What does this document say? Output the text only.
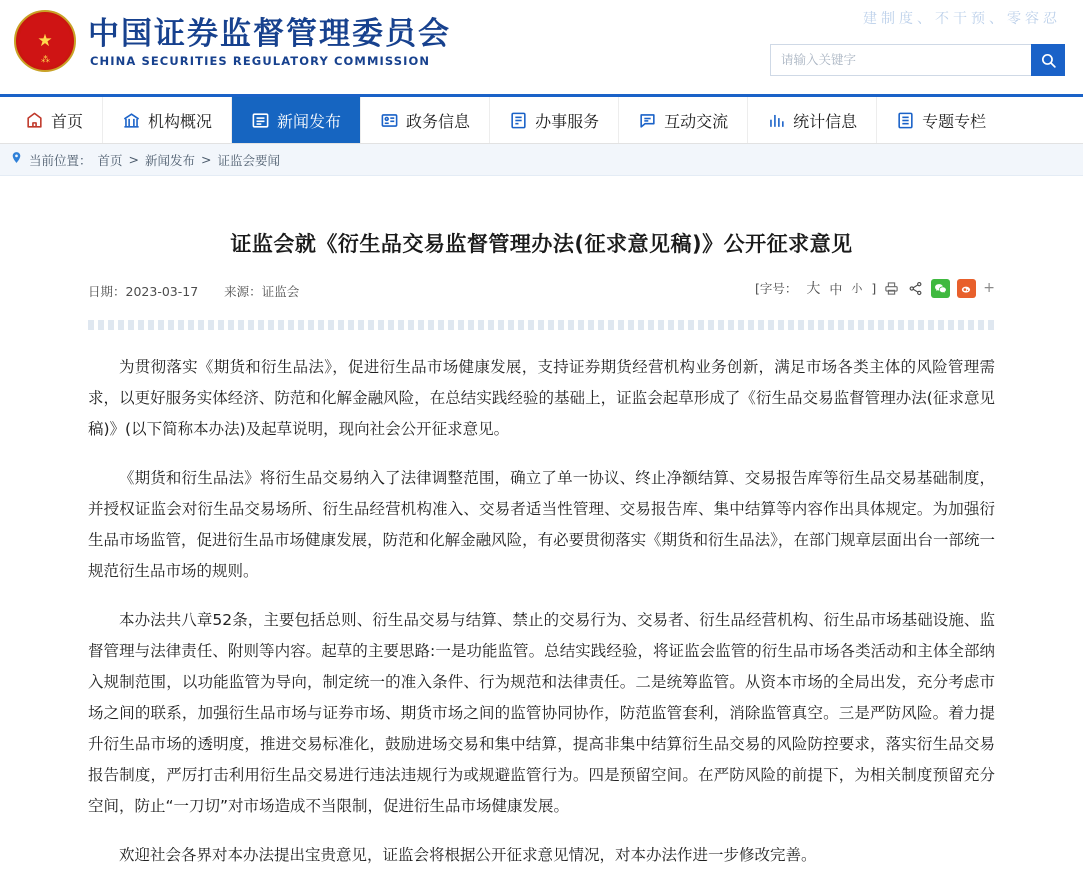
★
⁂
中国证券监督管理委员会
CHINA SECURITIES REGULATORY COMMISSION
建制度、不干预、零容忍
请输入关键字
首页	机构概况	新闻发布	政务信息	办事服务	互动交流	统计信息	专题专栏
当前位置： 首页 > 新闻发布 > 证监会要闻
证监会就《衍生品交易监督管理办法(征求意见稿)》公开征求意见
日期：2023-03-17 来源：证监会	[字号： 大 中 小 ]	+

为贯彻落实《期货和衍生品法》，促进衍生品市场健康发展，支持证券期货经营机构业务创新，满足市场各类主体的风险管理需求，以更好服务实体经济、防范和化解金融风险，在总结实践经验的基础上，证监会起草形成了《衍生品交易监督管理办法(征求意见稿)》(以下简称本办法)及起草说明，现向社会公开征求意见。

《期货和衍生品法》将衍生品交易纳入了法律调整范围，确立了单一协议、终止净额结算、交易报告库等衍生品交易基础制度，并授权证监会对衍生品交易场所、衍生品经营机构准入、交易者适当性管理、交易报告库、集中结算等内容作出具体规定。为加强衍生品市场监管，促进衍生品市场健康发展，防范和化解金融风险，有必要贯彻落实《期货和衍生品法》，在部门规章层面出台一部统一规范衍生品市场的规则。

本办法共八章52条，主要包括总则、衍生品交易与结算、禁止的交易行为、交易者、衍生品经营机构、衍生品市场基础设施、监督管理与法律责任、附则等内容。起草的主要思路:一是功能监管。总结实践经验，将证监会监管的衍生品市场各类活动和主体全部纳入规制范围，以功能监管为导向，制定统一的准入条件、行为规范和法律责任。二是统筹监管。从资本市场的全局出发，充分考虑市场之间的联系，加强衍生品市场与证券市场、期货市场之间的监管协同协作，防范监管套利，消除监管真空。三是严防风险。着力提升衍生品市场的透明度，推进交易标准化，鼓励进场交易和集中结算，提高非集中结算衍生品交易的风险防控要求，落实衍生品交易报告制度，严厉打击利用衍生品交易进行违法违规行为或规避监管行为。四是预留空间。在严防风险的前提下，为相关制度预留充分空间，防止“一刀切”对市场造成不当限制，促进衍生品市场健康发展。

欢迎社会各界对本办法提出宝贵意见，证监会将根据公开征求意见情况，对本办法作进一步修改完善。
